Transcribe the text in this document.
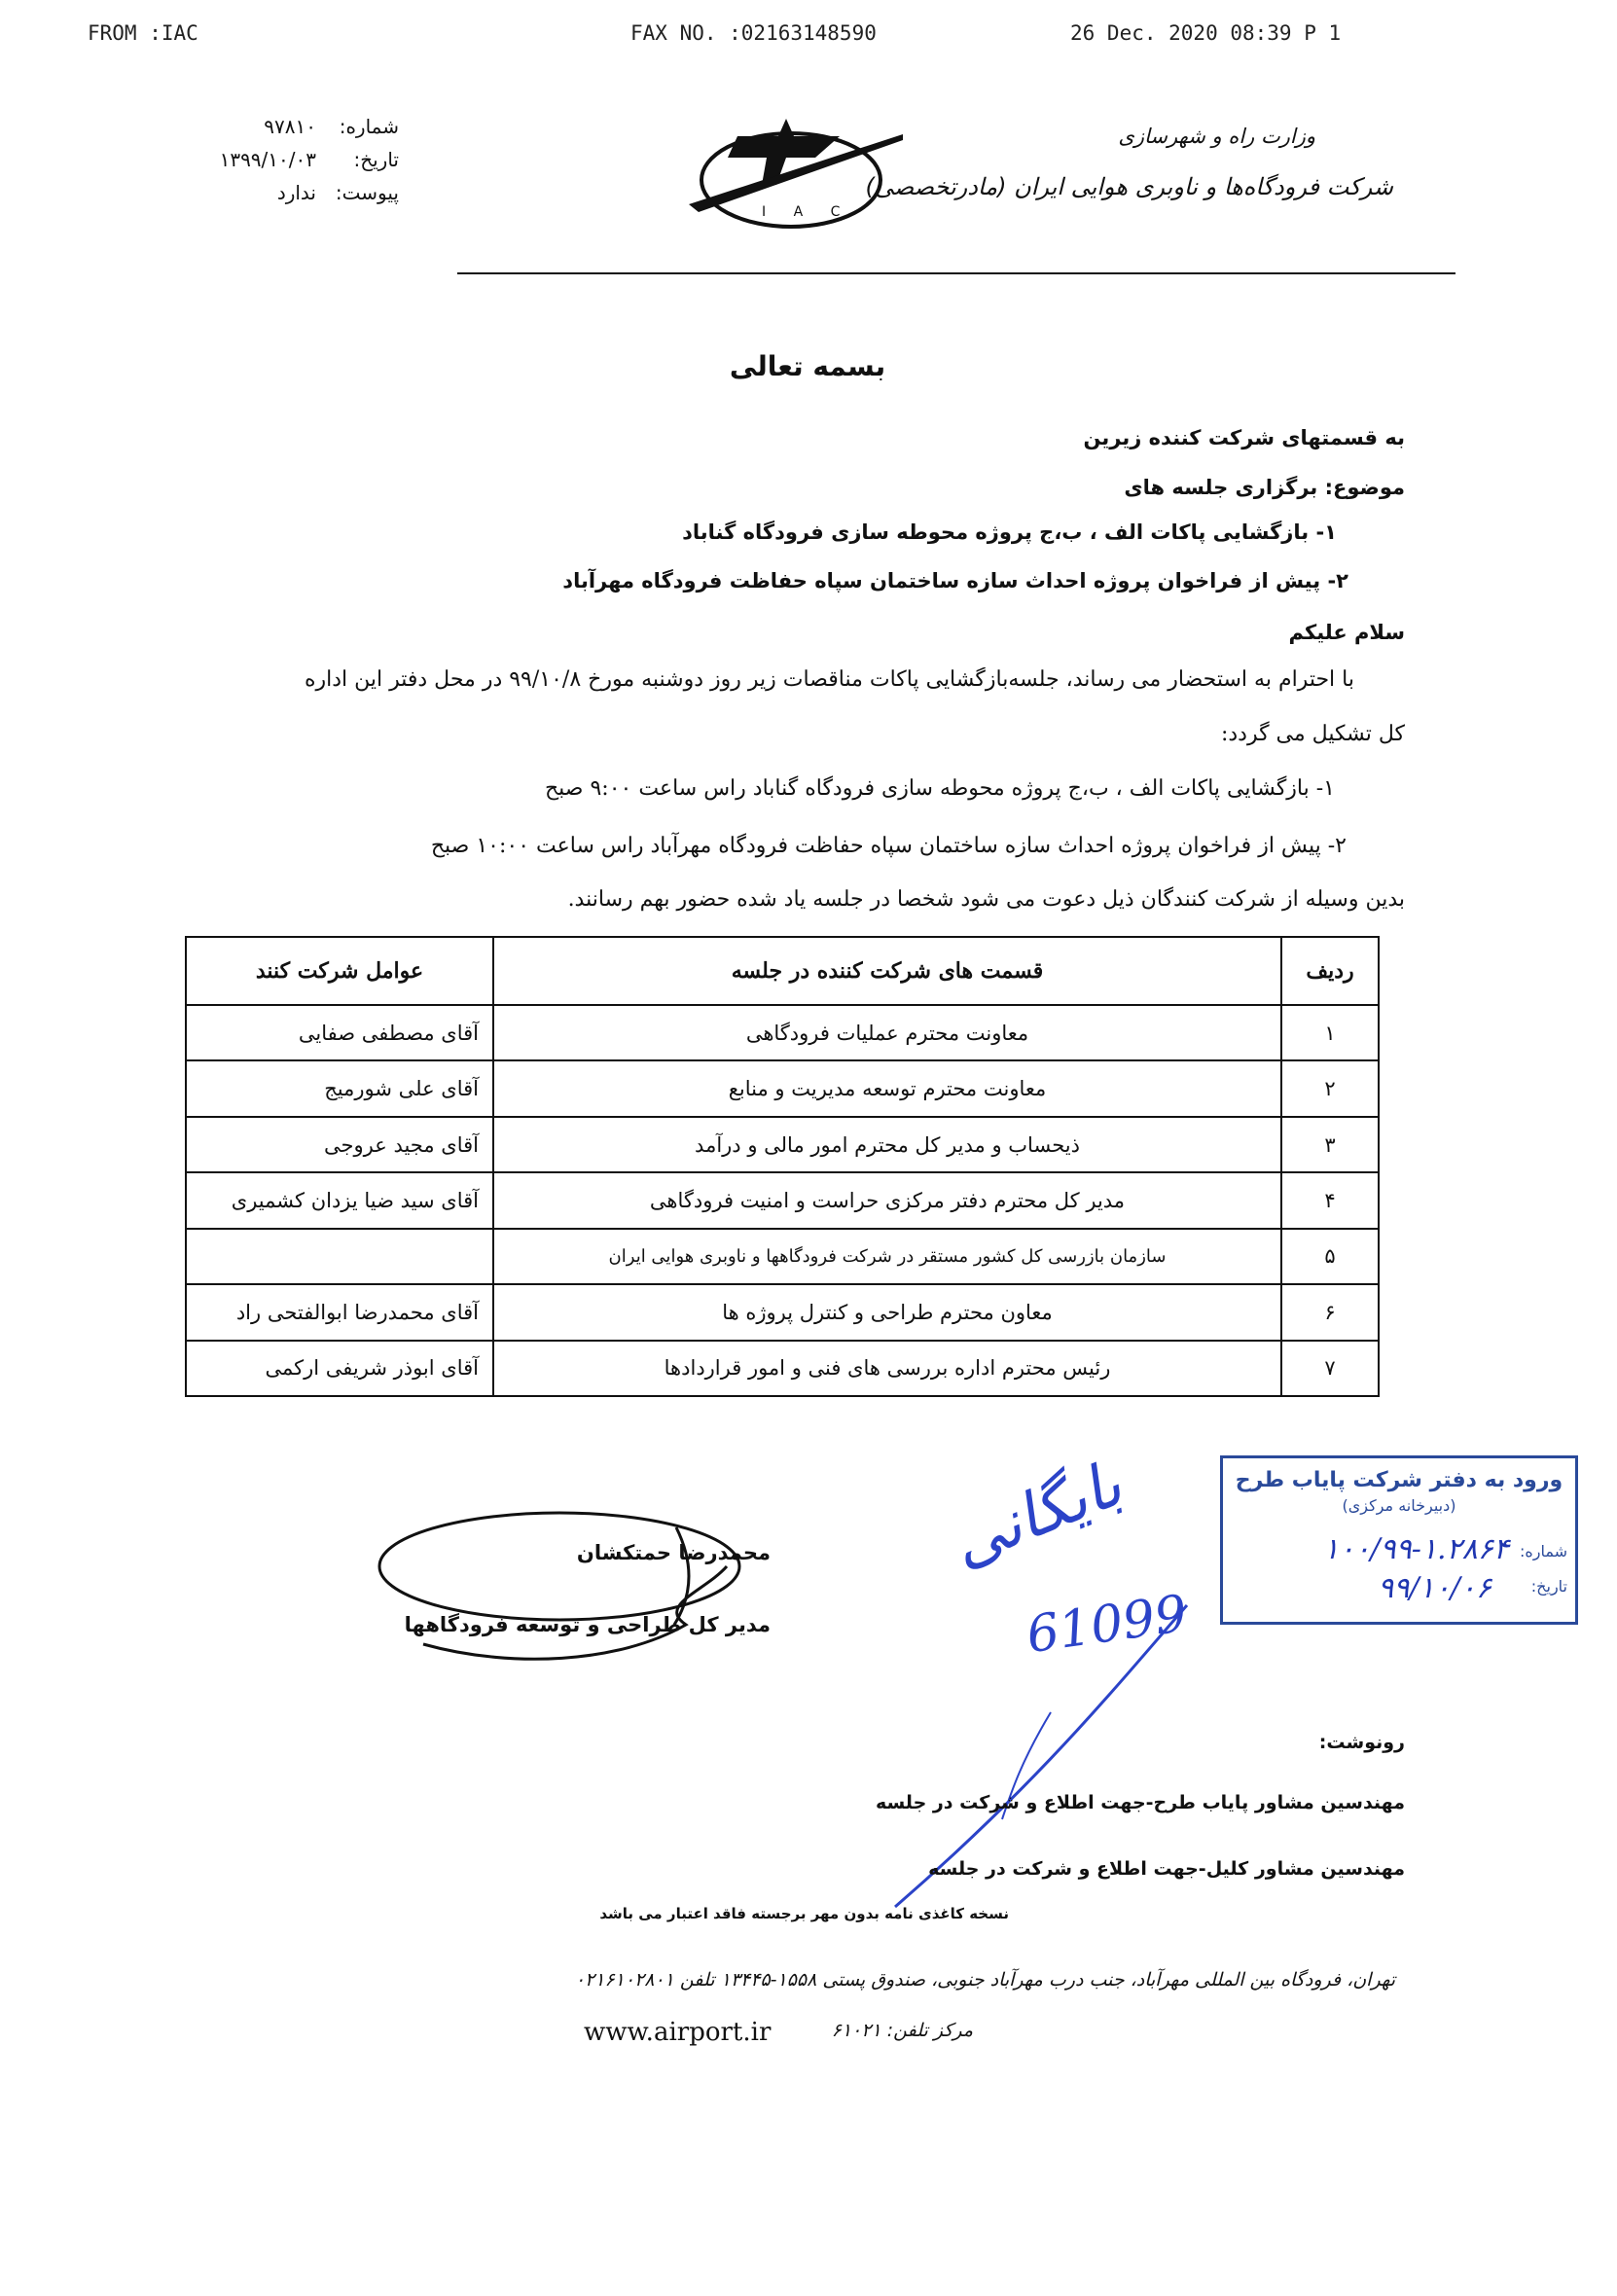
FROM :IAC	FAX NO. :02163148590	26 Dec. 2020 08:39 P 1
شماره:
۹۷۸۱۰
تاریخ:
۱۳۹۹/۱۰/۰۳
پیوست:
ندارد
I A C
وزارت راه و شهرسازی
شرکت فرودگاه‌ها و ناوبری هوایی ایران (مادرتخصصی)
بسمه تعالی
به قسمتهای شرکت کننده زیرین
موضوع: برگزاری جلسه های
۱- بازگشایی پاکات الف ، ب،ج پروژه محوطه سازی فرودگاه گناباد
۲- پیش از فراخوان پروژه احداث سازه ساختمان سپاه حفاظت فرودگاه مهرآباد
سلام علیکم
با احترام به استحضار می رساند، جلسه‌بازگشایی پاکات مناقصات زیر روز دوشنبه مورخ ۹۹/۱۰/۸ در محل دفتر این اداره
کل تشکیل می گردد:
۱- بازگشایی پاکات الف ، ب،ج پروژه محوطه سازی فرودگاه گناباد راس ساعت ۹:۰۰ صبح
۲- پیش از فراخوان پروژه احداث سازه ساختمان سپاه حفاظت فرودگاه مهرآباد راس ساعت ۱۰:۰۰ صبح
بدین وسیله از شرکت کنندگان ذیل دعوت می شود شخصا در جلسه یاد شده حضور بهم رسانند.
ردیف	قسمت های شرکت کننده در جلسه	عوامل شرکت کنند
۱	معاونت محترم عملیات فرودگاهی	آقای مصطفی صفایی
۲	معاونت محترم توسعه مدیریت و منابع	آقای علی شورمیج
۳	ذیحساب و مدیر کل محترم امور مالی و درآمد	آقای مجید عروجی
۴	مدیر کل محترم دفتر مرکزی حراست و امنیت فرودگاهی	آقای سید ضیا یزدان کشمیری
۵	سازمان بازرسی کل کشور مستقر در شرکت فرودگاهها و ناوبری هوایی ایران	
۶	معاون محترم طراحی و کنترل پروژه ها	آقای محمدرضا ابوالفتحی راد
۷	رئیس محترم اداره بررسی های فنی و امور قراردادها	آقای ابوذر شریفی ارکمی
ورود به دفتر شرکت پایاب طرح
(دبیرخانه مرکزی)
شماره:
تاریخ:
۱۰۰/۹۹-۱.۲۸۶۴
۹۹/۱۰/۰۶
بایگانی
61099
محمدرضا حمتکشان
مدیر کل طراحی و توسعه فرودگاهها
رونوشت:
مهندسین مشاور پایاب طرح-جهت اطلاع و شرکت در جلسه
مهندسین مشاور کلیل-جهت اطلاع و شرکت در جلسه
نسخه کاغذی نامه بدون مهر برجسته فاقد اعتبار می باشد
تهران، فرودگاه بین المللی مهرآباد، جنب درب مهرآباد جنوبی، صندوق پستی ۱۵۵۸-۱۳۴۴۵ تلفن ۰۲۱۶۱۰۲۸۰۱
مرکز تلفن: ۶۱۰۲۱
www.airport.ir
